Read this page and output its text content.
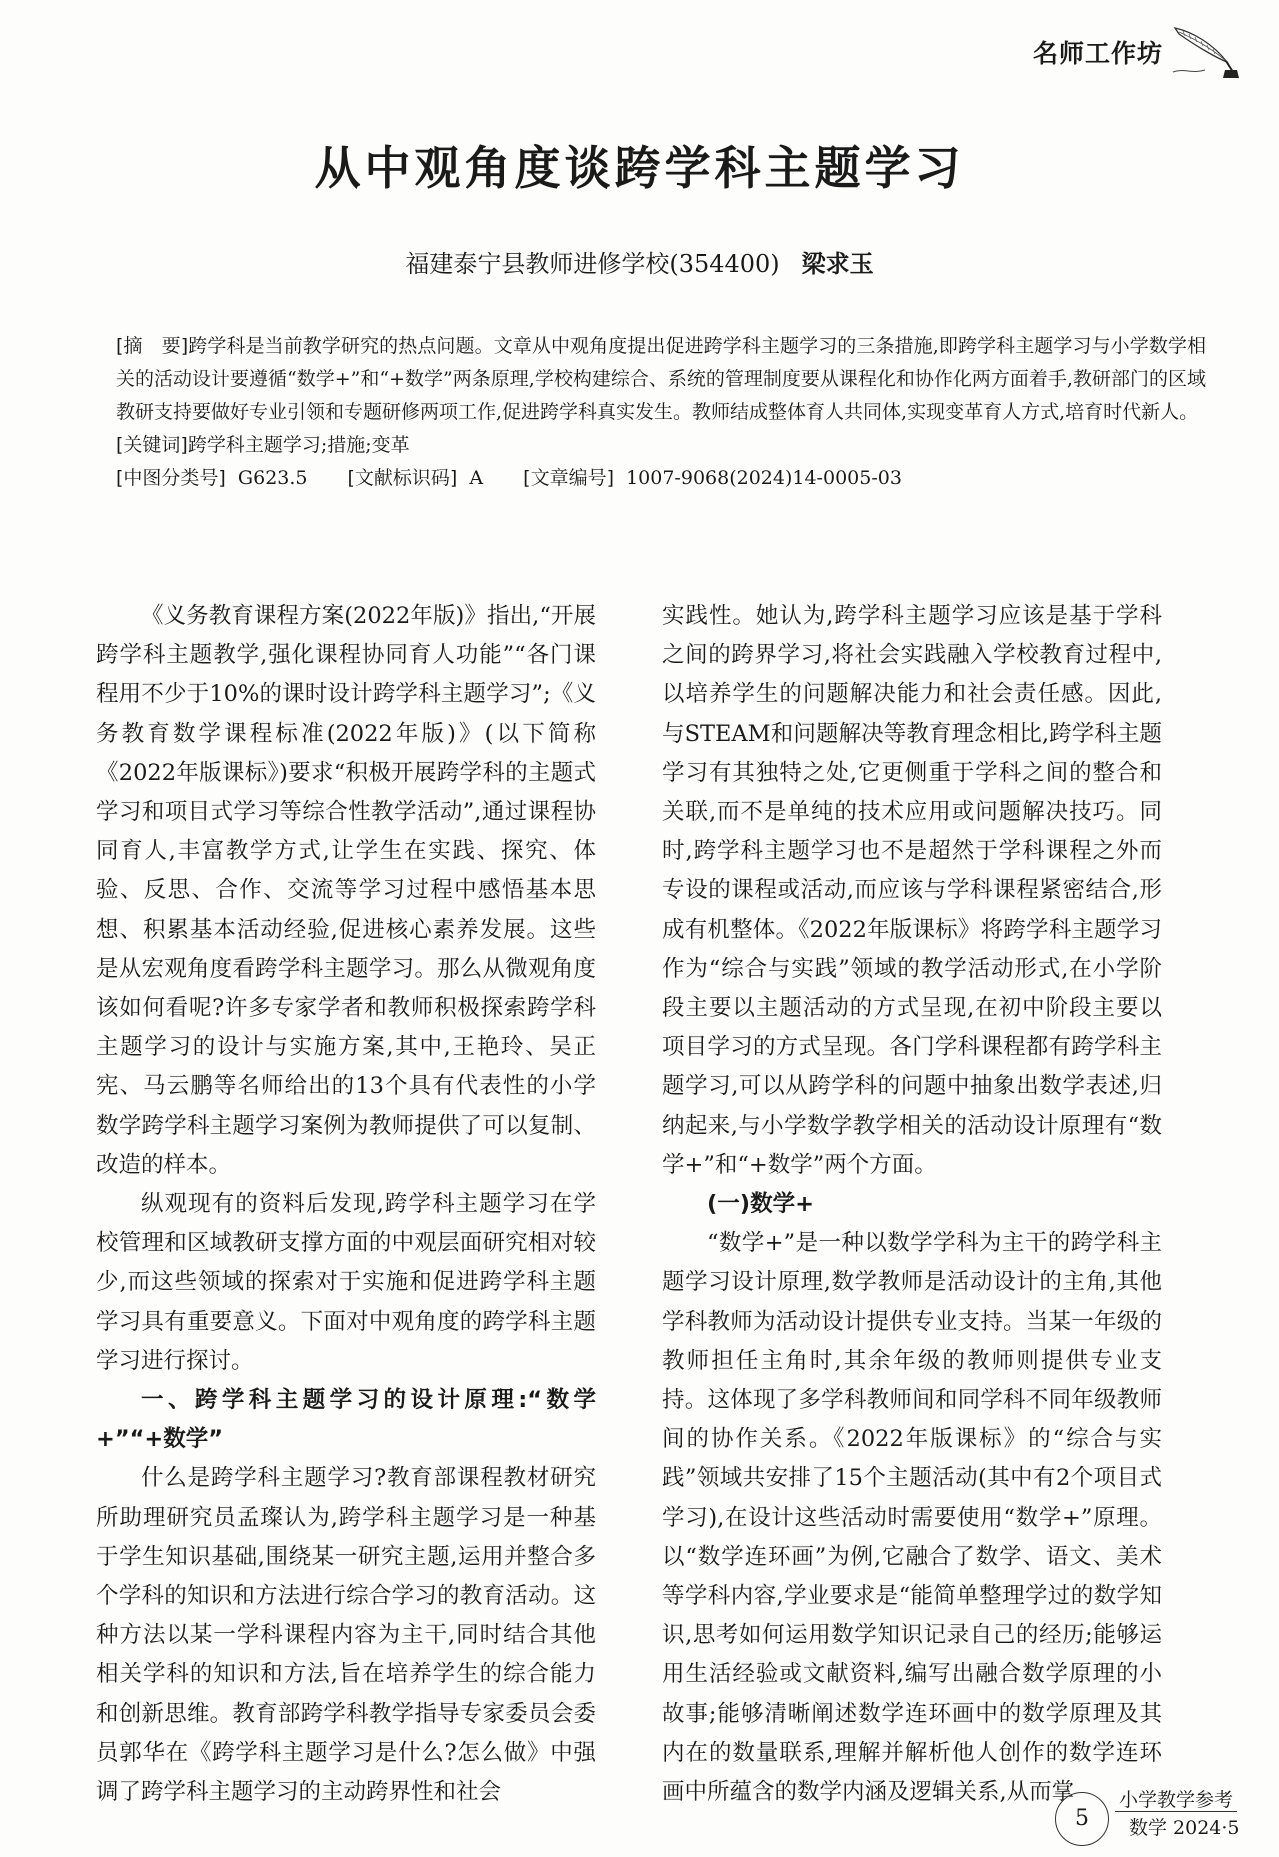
名师工作坊
从中观角度谈跨学科主题学习
福建泰宁县教师进修学校(354400) 梁求玉

[摘　要]跨学科是当前教学研究的热点问题。文章从中观角度提出促进跨学科主题学习的三条措施,即跨学科主题学习与小学数学相关的活动设计要遵循“数学+”和“+数学”两条原理,学校构建综合、系统的管理制度要从课程化和协作化两方面着手,教研部门的区域教研支持要做好专业引领和专题研修两项工作,促进跨学科真实发生。教师结成整体育人共同体,实现变革育人方式,培育时代新人。

[关键词]跨学科主题学习;措施;变革

[中图分类号] G623.5 [文献标识码] A [文章编号] 1007-9068(2024)14-0005-03

《义务教育课程方案(2022年版)》指出,“开展跨学科主题教学,强化课程协同育人功能”“各门课程用不少于10%的课时设计跨学科主题学习”;《义务教育数学课程标准(2022年版)》(以下简称《2022年版课标》)要求“积极开展跨学科的主题式学习和项目式学习等综合性教学活动”,通过课程协同育人,丰富教学方式,让学生在实践、探究、体验、反思、合作、交流等学习过程中感悟基本思想、积累基本活动经验,促进核心素养发展。这些是从宏观角度看跨学科主题学习。那么从微观角度该如何看呢?许多专家学者和教师积极探索跨学科主题学习的设计与实施方案,其中,王艳玲、吴正宪、马云鹏等名师给出的13个具有代表性的小学数学跨学科主题学习案例为教师提供了可以复制、改造的样本。

纵观现有的资料后发现,跨学科主题学习在学校管理和区域教研支撑方面的中观层面研究相对较少,而这些领域的探索对于实施和促进跨学科主题学习具有重要意义。下面对中观角度的跨学科主题学习进行探讨。

一、跨学科主题学习的设计原理:“数学+”“+数学”

什么是跨学科主题学习?教育部课程教材研究所助理研究员孟璨认为,跨学科主题学习是一种基于学生知识基础,围绕某一研究主题,运用并整合多个学科的知识和方法进行综合学习的教育活动。这种方法以某一学科课程内容为主干,同时结合其他相关学科的知识和方法,旨在培养学生的综合能力和创新思维。教育部跨学科教学指导专家委员会委员郭华在《跨学科主题学习是什么?怎么做》中强调了跨学科主题学习的主动跨界性和社会

实践性。她认为,跨学科主题学习应该是基于学科之间的跨界学习,将社会实践融入学校教育过程中,以培养学生的问题解决能力和社会责任感。因此,与STEAM和问题解决等教育理念相比,跨学科主题学习有其独特之处,它更侧重于学科之间的整合和关联,而不是单纯的技术应用或问题解决技巧。同时,跨学科主题学习也不是超然于学科课程之外而专设的课程或活动,而应该与学科课程紧密结合,形成有机整体。《2022年版课标》将跨学科主题学习作为“综合与实践”领域的教学活动形式,在小学阶段主要以主题活动的方式呈现,在初中阶段主要以项目学习的方式呈现。各门学科课程都有跨学科主题学习,可以从跨学科的问题中抽象出数学表述,归纳起来,与小学数学教学相关的活动设计原理有“数学+”和“+数学”两个方面。

(一)数学+

“数学+”是一种以数学学科为主干的跨学科主题学习设计原理,数学教师是活动设计的主角,其他学科教师为活动设计提供专业支持。当某一年级的教师担任主角时,其余年级的教师则提供专业支持。这体现了多学科教师间和同学科不同年级教师间的协作关系。《2022年版课标》的“综合与实践”领域共安排了15个主题活动(其中有2个项目式学习),在设计这些活动时需要使用“数学+”原理。以“数学连环画”为例,它融合了数学、语文、美术等学科内容,学业要求是“能简单整理学过的数学知识,思考如何运用数学知识记录自己的经历;能够运用生活经验或文献资料,编写出融合数学原理的小故事;能够清晰阐述数学连环画中的数学原理及其内在的数量联系,理解并解析他人创作的数学连环画中所蕴含的数学内涵及逻辑关系,从而掌

5
小学教学参考
数学 2024·5
